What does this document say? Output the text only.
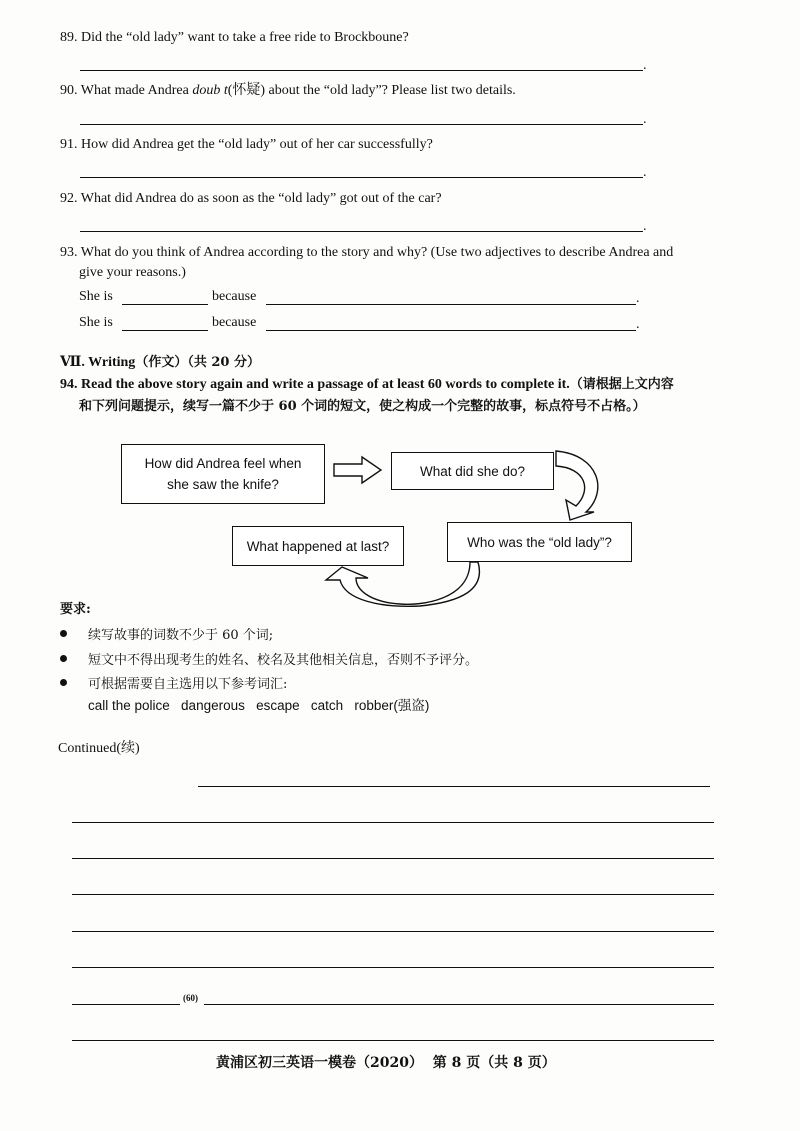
89. Did the “old lady” want to take a free ride to Brockboune?
.
90. What made Andrea doub t(怀疑) about the “old lady”? Please list two details.
.
91. How did Andrea get the “old lady” out of her car successfully?
.
92. What did Andrea do as soon as the “old lady” got out of the car?
.
93. What do you think of Andrea according to the story and why? (Use two adjectives to describe Andrea and
give your reasons.)
She is	because	.
She is	because	.
Ⅶ. Writing（作文）（共 20 分）
94. Read the above story again and write a passage of at least 60 words to complete it.（请根据上文内容
和下列问题提示，续写一篇不少于 60 个词的短文，使之构成一个完整的故事，标点符号不占格。）
How did Andrea feel when
she saw the knife?
What did she do?
Who was the “old lady”?
What happened at last?
要求:
续写故事的词数不少于 60 个词;
短文中不得出现考生的姓名、校名及其他相关信息，否则不予评分。
可根据需要自主选用以下参考词汇:
call the police   dangerous   escape   catch   robber(强盗)
Continued(续)
(60)
黄浦区初三英语一模卷（2020）  第 8 页（共 8 页）
